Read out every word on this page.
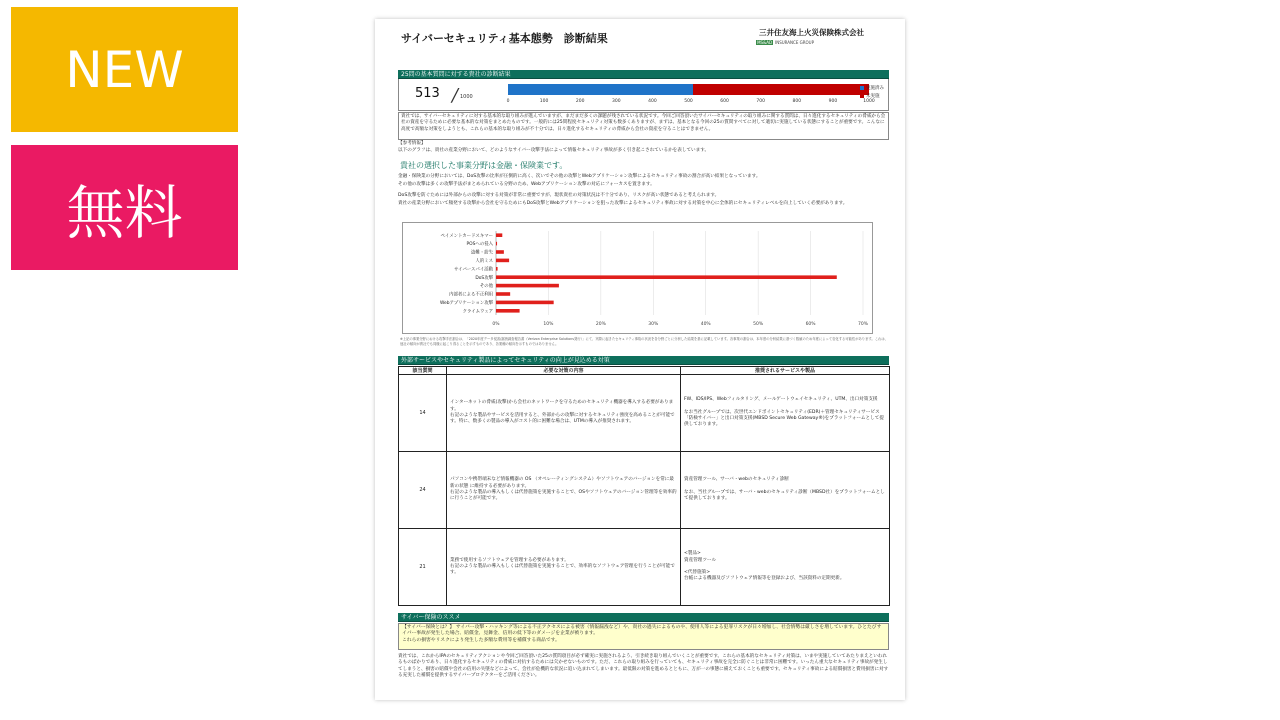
NEW
無料
サイバーセキュリティ基本態勢　診断結果	三井住友海上火災保険株式会社
MS&AD INSURANCE GROUP
25問の基本質問に対する貴社の診断結果
513 / 1000
0	100	200	300	400	500	600	700	800	900	1000
実施済み
未実施
貴社では、サイバーセキュリティに対する基本的な取り組みが進んでいますが、まだまだ多くの課題が残されている状況です。今回ご回答頂いたサイバーセキュリティの取り組みに関する質問は、日々進化するセキュリティの脅威から会社の資産を守るために必要な基本的な対策をまとめたものです。一般的には25問程度セキュリティ対策も数多くありますが、まずは、基本となる今回の25の質問すべてに対して適切に実施している状態にすることが重要です。こんなに高度で高額な対策をしようとも、これらの基本的な取り組みが不十分では、日々進化するセキュリティの脅威から会社の資産を守ることはできません。
【参考情報】
以下のグラフは、貴社の産業分野において、どのようなサイバー攻撃手法によって情報セキュリティ事故が多く引き起こされているかを表しています。
貴社の選択した事業分野は金融・保険業です。
金融・保険業の分野においては、DoS攻撃の比率が圧倒的に高く、次いでその他の攻撃とWebアプリケーション攻撃によるセキュリティ事故の割合が高い結果となっています。
その他の攻撃は多くの攻撃手法がまとめられている分野のため、Webアプリケーション攻撃の対応にフォーカスを置きます。
DoS攻撃を防ぐためには外部からの攻撃に対する対策が非常に重要ですが、現状貴社の対策状況は不十分であり、リスクが高い状態であると考えられます。
貴社の産業分野において頻発する攻撃から会社を守るためにもDoS攻撃とWebアプリケーションを狙った攻撃によるセキュリティ事故に対する対策を中心に全体的にセキュリティレベルを向上していく必要があります。
0%	10%	20%	30%	40%	50%	60%	70%
ペイメントカードスキマー
POSへの侵入
盗難・紛失
人的ミス
サイバースパイ活動
DoS攻撃
その他
内部者による不正利用
Webアプリケーション攻撃
クライムウェア
※上記の事業分野における攻撃手法割合は、「2020年度データ侵害/漏洩調査報告書（Verizon Enterprise Solutions発行）」にて、実際に起きたセキュリティ事故の状況を各分野ごとに分析した結果を基に記載しています。各事業の割合は、本年度の分析結果に基づく数値のため年度によって変化する可能性があります。これは、他社の傾向が貴社でも同様に起こり得ることを示すものであり、各業種の傾向を示すものではありません。
外部サービスやセキュリティ製品によってセキュリティの向上が見込める対策
該当質問	必要な対策の内容	推奨されるサービスや製品
14	インターネットの脅威(攻撃)から会社のネットワークを守るためのセキュリティ機器を導入する必要があります。
右記のような製品やサービスを活用すると、外部からの攻撃に対するセキュリティ強度を高めることが可能です。特に、数多くの製品の導入がコスト的に困難な場合は、UTMの導入が推奨されます。	FW、IDS/IPS、Webフィルタリング、メールゲートウェイセキュリティ、UTM、出口対策支援

なお当社グループでは、次世代エンドポイントセキュリティ(EDR)＋管理セキュリティサービス「防検サイバー」と出口対策支援(MBSD Secure Web Gateway®)をプラットフォームとして提供しております。
24	パソコンや携帯端末など情報機器の OS （オペレーティングシステム）やソフトウェアのバージョンを常に最新の状態 に維持する必要があります。
右記のような製品の導入もしくは代替施策を実施することで、OSやソフトウェアのバージョン管理等を効率的に行うことが可能です。	資産管理ツール、サーバ・webのセキュリティ診断

なお、当社グループでは、サーバ・webのセキュリティ診断（MBSD社）をプラットフォームとして提供しております。
21	業務で使用するソフトウェアを管理する必要があります。
右記のような製品の導入もしくは代替施策を実施することで、効率的なソフトウェア管理を行うことが可能です。	<製品>
資産管理ツール

<代替施策>
台帳による機器及びソフトウェア情報等を登録および、当該資料の定期更新。
サイバー保険のススメ
【サイバー保険とは？】 サイバー攻撃・ハッキング等による不正アクセスによる被害（情報漏洩など）や、貴社の過失によるものや、使用人等による犯罪リスクが日々増加し、社会情勢は厳しさを増しています。ひとたびサイバー事故が発生した場合、賠償金、見舞金、信用の低下等のダメージを企業が被ります。
これらの損害やリスクにより発生した多額な費用等を補償する商品です。
貴社では、これからIPAのセキュリティアクションや今回ご回答頂いた25の質問項目が必ず確実に実施されるよう、引き続き取り組んでいくことが重要です。これらの基本的なセキュリティ対策は、いまや実施していてあたりまえといわれるものばかりであり、日々進化するセキュリティの脅威に対抗するためには欠かせないものです。ただ、これらの取り組みを行っていても、セキュリティ事故を完全に防ぐことは非常に困難です。いったん重大なセキュリティ事故が発生してしまうと、損害の賠償や会社の信用の失墜などによって、会社が危機的な状況に追い込まれてしまいます。最低限の対策を進めるとともに、万が一の事態に備えておくことも重要です。セキュリティ事故による賠償損害と費用損害に対する充実した補償を提供するサイバープロテクターをご活用ください。
